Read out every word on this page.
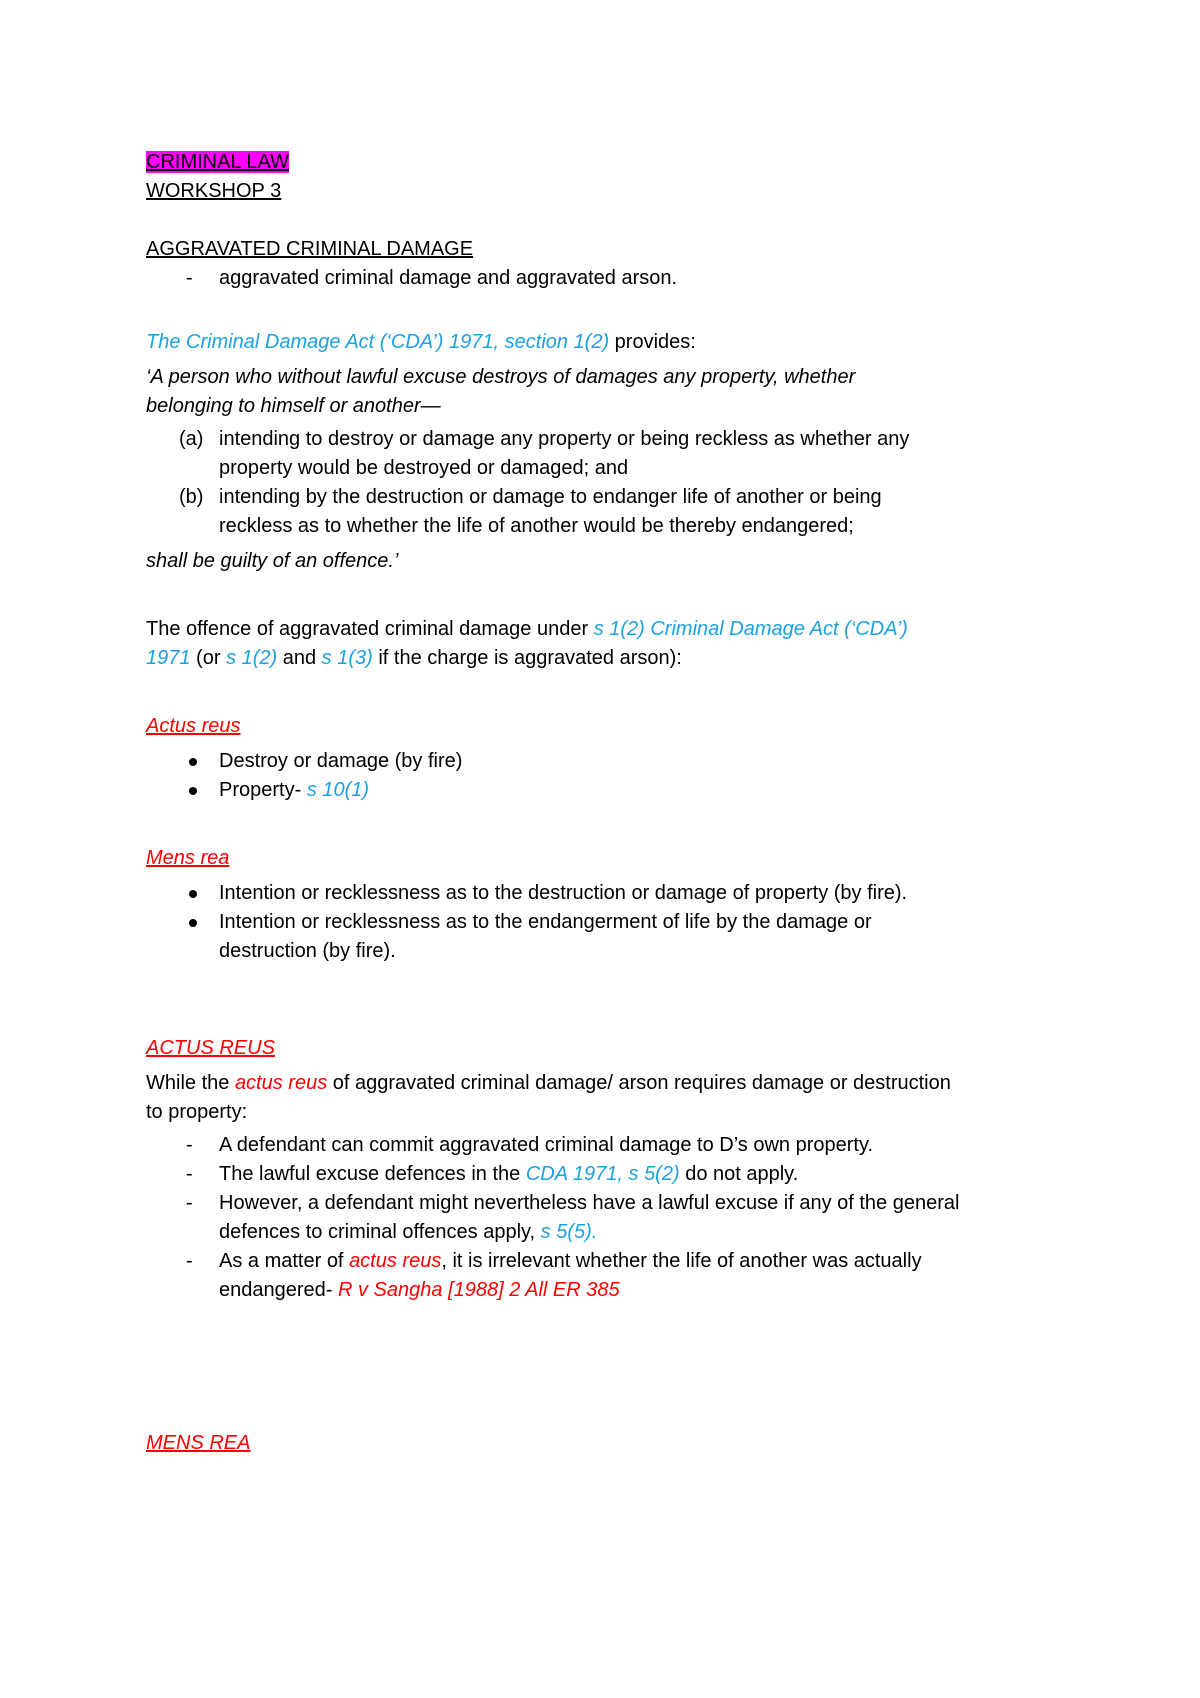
CRIMINAL LAW
WORKSHOP 3
AGGRAVATED CRIMINAL DAMAGE
- aggravated criminal damage and aggravated arson.
The Criminal Damage Act (‘CDA’) 1971, section 1(2) provides:
‘A person who without lawful excuse destroys of damages any property, whether
belonging to himself or another—
(a) intending to destroy or damage any property or being reckless as whether any
property would be destroyed or damaged; and
(b) intending by the destruction or damage to endanger life of another or being
reckless as to whether the life of another would be thereby endangered;
shall be guilty of an offence.’
The offence of aggravated criminal damage under s 1(2) Criminal Damage Act (‘CDA’)
1971 (or s 1(2) and s 1(3) if the charge is aggravated arson):
Actus reus
Destroy or damage (by fire)
Property- s 10(1)
Mens rea
Intention or recklessness as to the destruction or damage of property (by fire).
Intention or recklessness as to the endangerment of life by the damage or
destruction (by fire).
ACTUS REUS
While the actus reus of aggravated criminal damage/ arson requires damage or destruction
to property:
- A defendant can commit aggravated criminal damage to D’s own property.
- The lawful excuse defences in the CDA 1971, s 5(2) do not apply.
-	However, a defendant might nevertheless have a lawful excuse if any of the general
defences to criminal offences apply, s 5(5).
-	As a matter of actus reus, it is irrelevant whether the life of another was actually
endangered- R v Sangha [1988] 2 All ER 385
MENS REA
